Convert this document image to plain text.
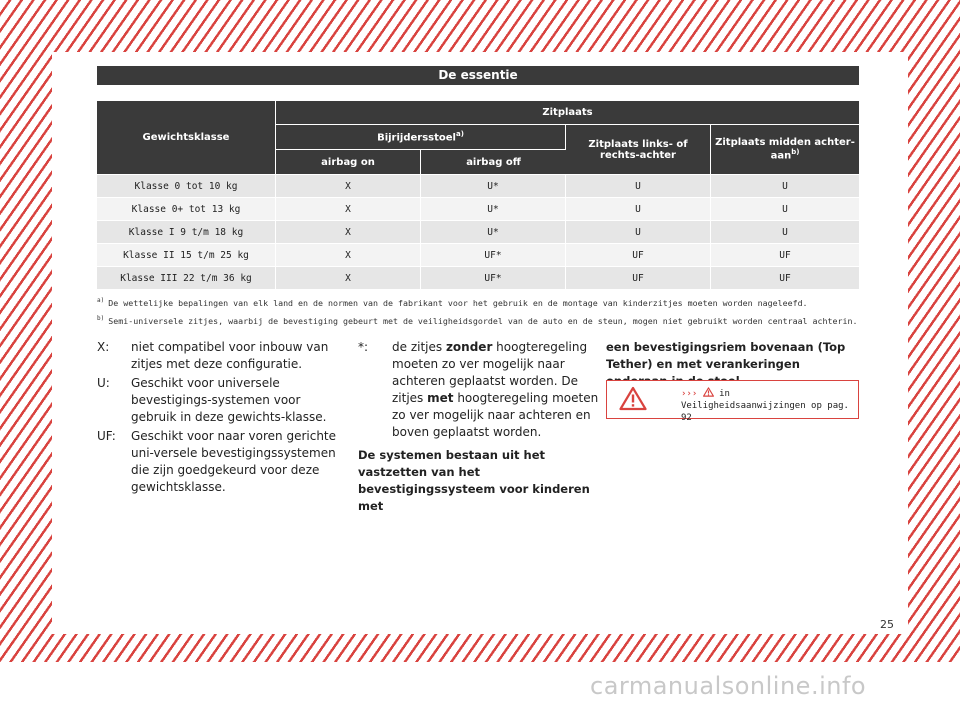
De essentie
Gewichtsklasse	Zitplaats			
	Bijrijdersstoel$^{a)}$		Zitplaats links- of rechts-achter	Zitplaats midden achter-aan$^{b)}$
	airbag on	airbag off		
Klasse 0 tot 10 kg	X	U*	U	U
Klasse 0+ tot 13 kg	X	U*	U	U
Klasse I 9 t/m 18 kg	X	U*	U	U
Klasse II 15 t/m 25 kg	X	UF*	UF	UF
Klasse III 22 t/m 36 kg	X	UF*	UF	UF
$^{a)}$ De wettelijke bepalingen van elk land en de normen van de fabrikant voor het gebruik en de montage van kinderzitjes moeten worden nageleefd.
$^{b)}$ Semi-universele zitjes, waarbij de bevestiging gebeurt met de veiligheidsgordel van de auto en de steun, mogen niet gebruikt worden centraal achterin.
X:	niet compatibel voor inbouw van zitjes met deze configuratie.
U:	Geschikt voor universele bevestigings-systemen voor gebruik in deze gewichts-klasse.
UF:	Geschikt voor naar voren gerichte uni-versele bevestigingssystemen die zijn goedgekeurd voor deze gewichtsklasse.
*:	de zitjes zonder hoogteregeling moeten zo ver mogelijk naar achteren geplaatst worden. De zitjes met hoogteregeling moeten zo ver mogelijk naar achteren en boven geplaatst worden.
De systemen bestaan uit het vastzetten van het bevestigingssysteem voor kinderen met
een bevestigingsriem bovenaan (Top Tether) en met verankeringen
››› in Veiligheidsaanwijzingen op pag. 92
25
carmanualsonline.info
